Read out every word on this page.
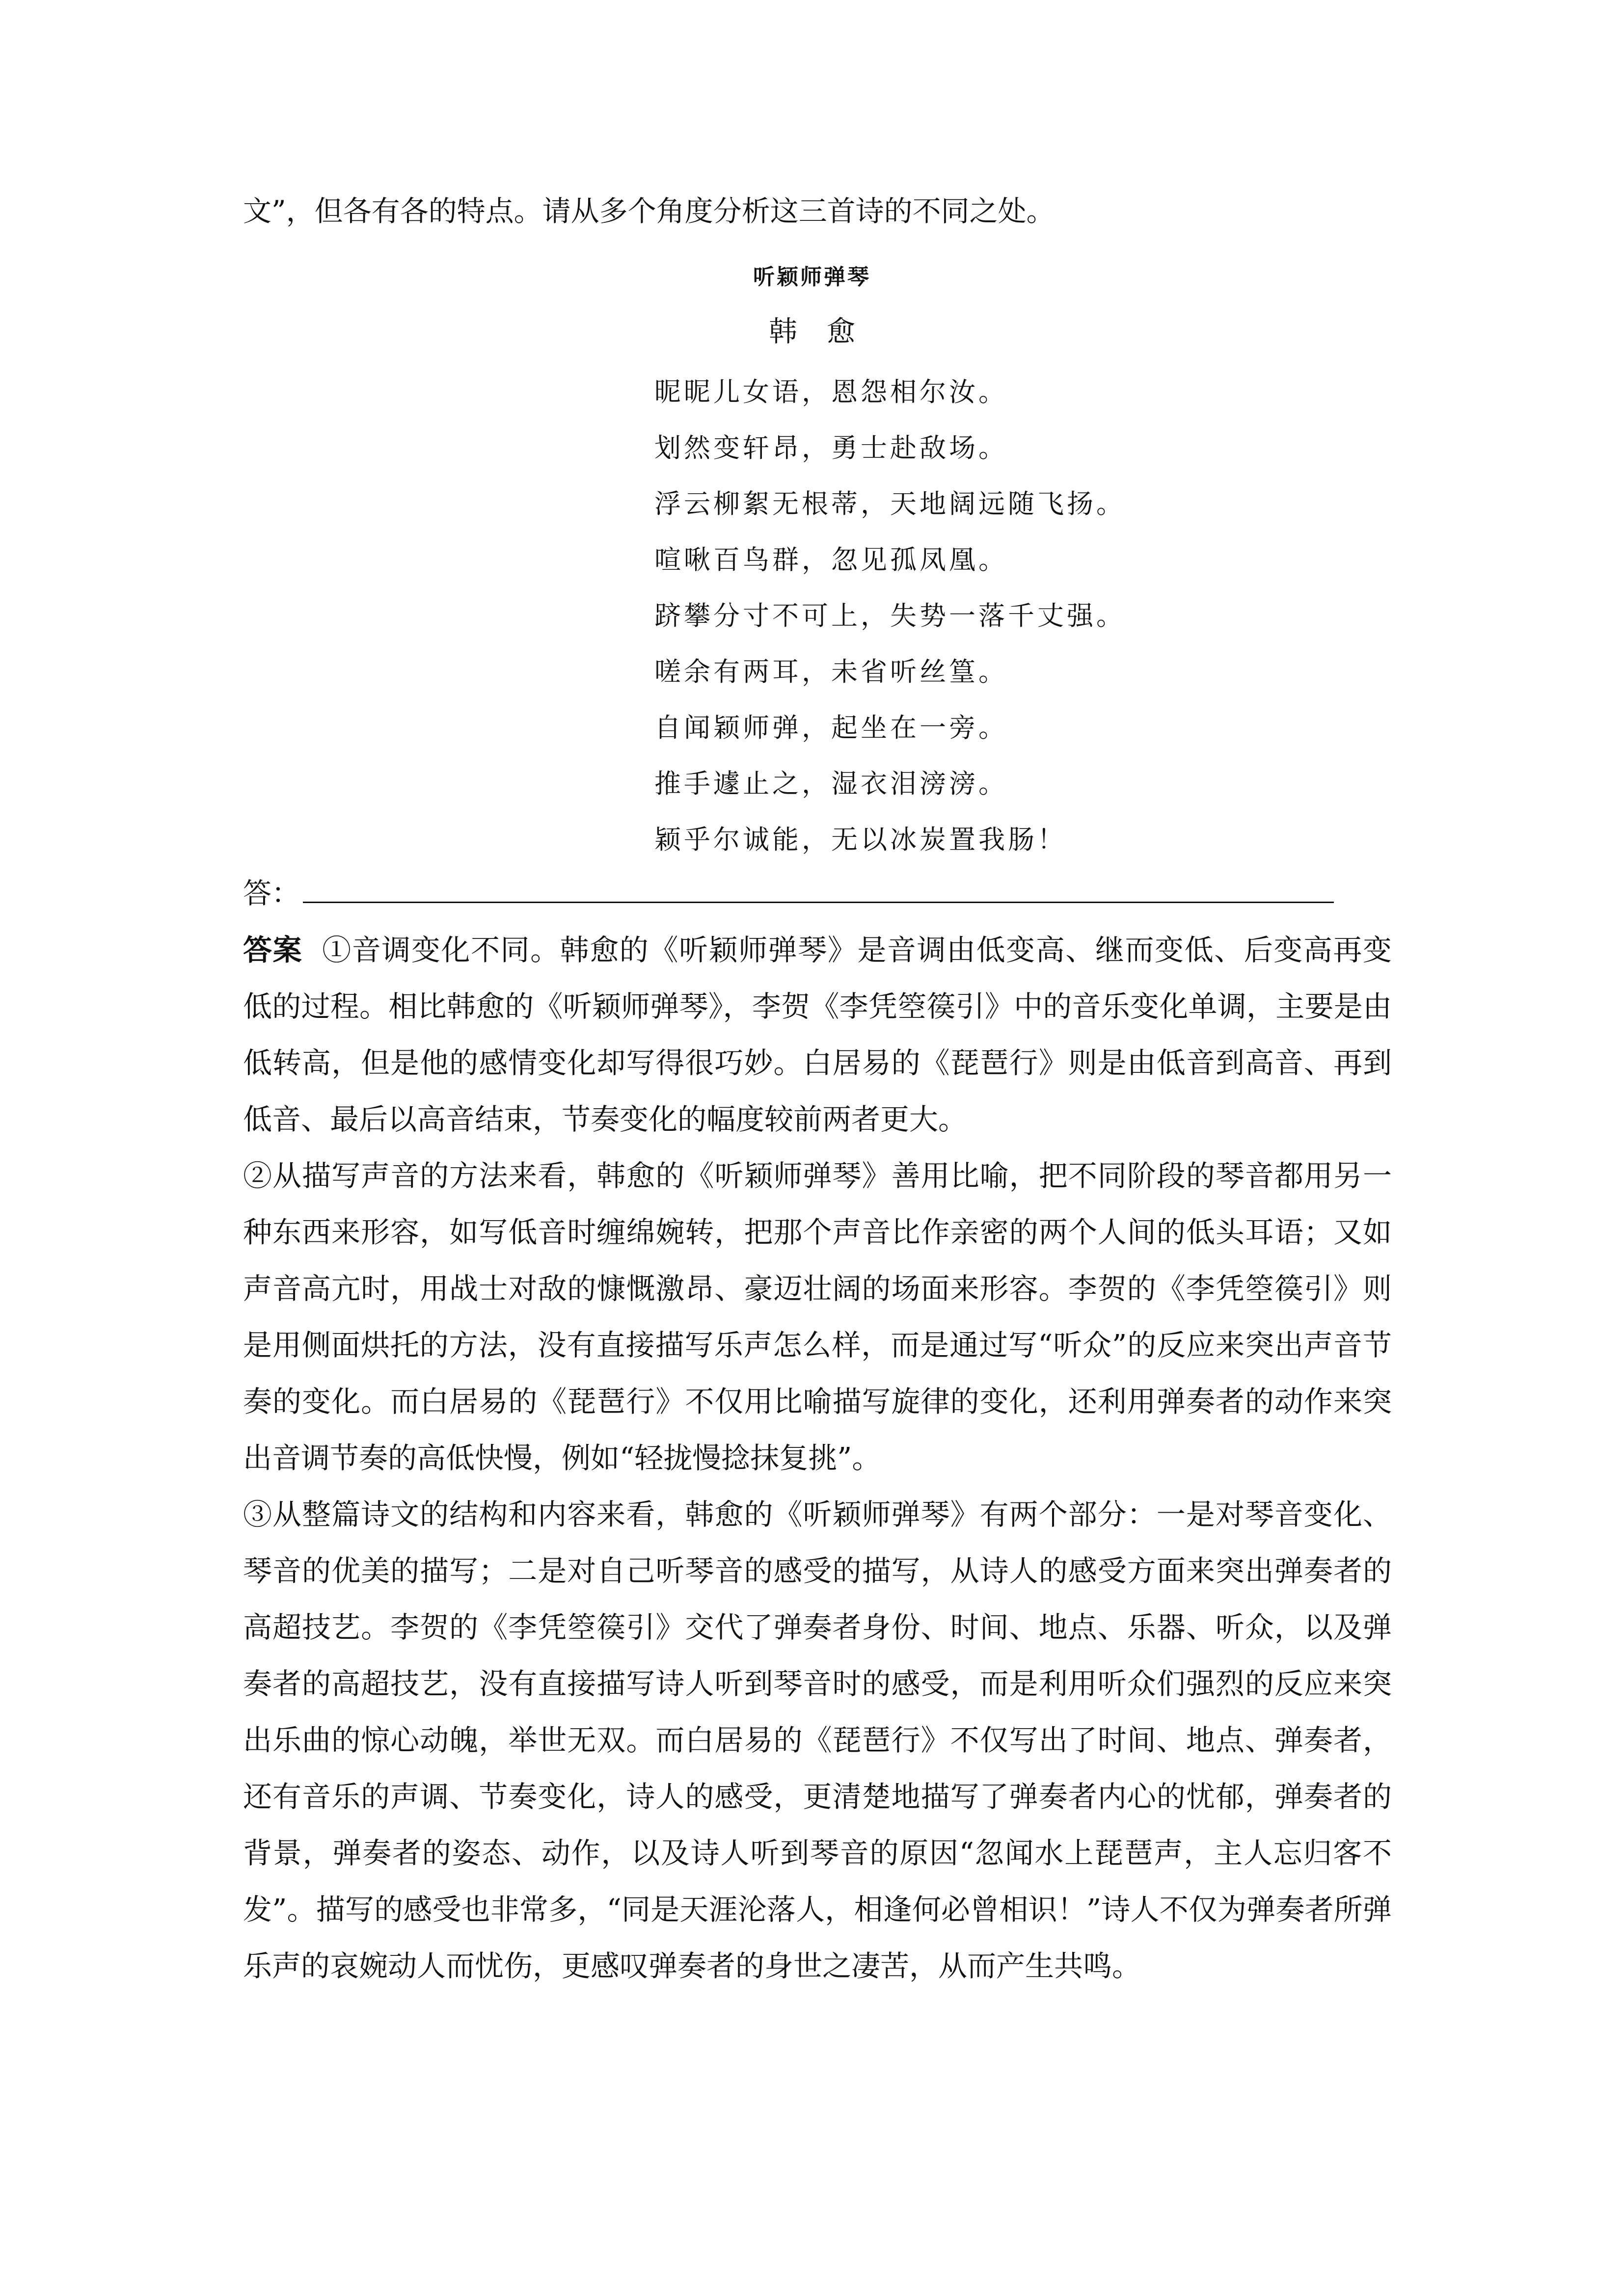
文”，但各有各的特点。请从多个角度分析这三首诗的不同之处。
听颖师弹琴
韩愈
昵昵儿女语，恩怨相尔汝。
划然变轩昂，勇士赴敌场。
浮云柳絮无根蒂，天地阔远随飞扬。
喧啾百鸟群，忽见孤凤凰。
跻攀分寸不可上，失势一落千丈强。
嗟余有两耳，未省听丝篁。
自闻颖师弹，起坐在一旁。
推手遽止之，湿衣泪滂滂。
颖乎尔诚能，无以冰炭置我肠！
答：

答案 ①音调变化不同。韩愈的《听颖师弹琴》是音调由低变高、继而变低、后变高再变低的过程。相比韩愈的《听颖师弹琴》，李贺《李凭箜篌引》中的音乐变化单调，主要是由低转高，但是他的感情变化却写得很巧妙。白居易的《琵琶行》则是由低音到高音、再到低音、最后以高音结束，节奏变化的幅度较前两者更大。

②从描写声音的方法来看，韩愈的《听颖师弹琴》善用比喻，把不同阶段的琴音都用另一种东西来形容，如写低音时缠绵婉转，把那个声音比作亲密的两个人间的低头耳语；又如声音高亢时，用战士对敌的慷慨激昂、豪迈壮阔的场面来形容。李贺的《李凭箜篌引》则是用侧面烘托的方法，没有直接描写乐声怎么样，而是通过写“听众”的反应来突出声音节奏的变化。而白居易的《琵琶行》不仅用比喻描写旋律的变化，还利用弹奏者的动作来突出音调节奏的高低快慢，例如“轻拢慢捻抹复挑”。

③从整篇诗文的结构和内容来看，韩愈的《听颖师弹琴》有两个部分：一是对琴音变化、琴音的优美的描写；二是对自己听琴音的感受的描写，从诗人的感受方面来突出弹奏者的高超技艺。李贺的《李凭箜篌引》交代了弹奏者身份、时间、地点、乐器、听众，以及弹奏者的高超技艺，没有直接描写诗人听到琴音时的感受，而是利用听众们强烈的反应来突出乐曲的惊心动魄，举世无双。而白居易的《琵琶行》不仅写出了时间、地点、弹奏者，还有音乐的声调、节奏变化，诗人的感受，更清楚地描写了弹奏者内心的忧郁，弹奏者的背景，弹奏者的姿态、动作，以及诗人听到琴音的原因“忽闻水上琵琶声，主人忘归客不发”。描写的感受也非常多，“同是天涯沦落人，相逢何必曾相识！”诗人不仅为弹奏者所弹乐声的哀婉动人而忧伤，更感叹弹奏者的身世之凄苦，从而产生共鸣。
